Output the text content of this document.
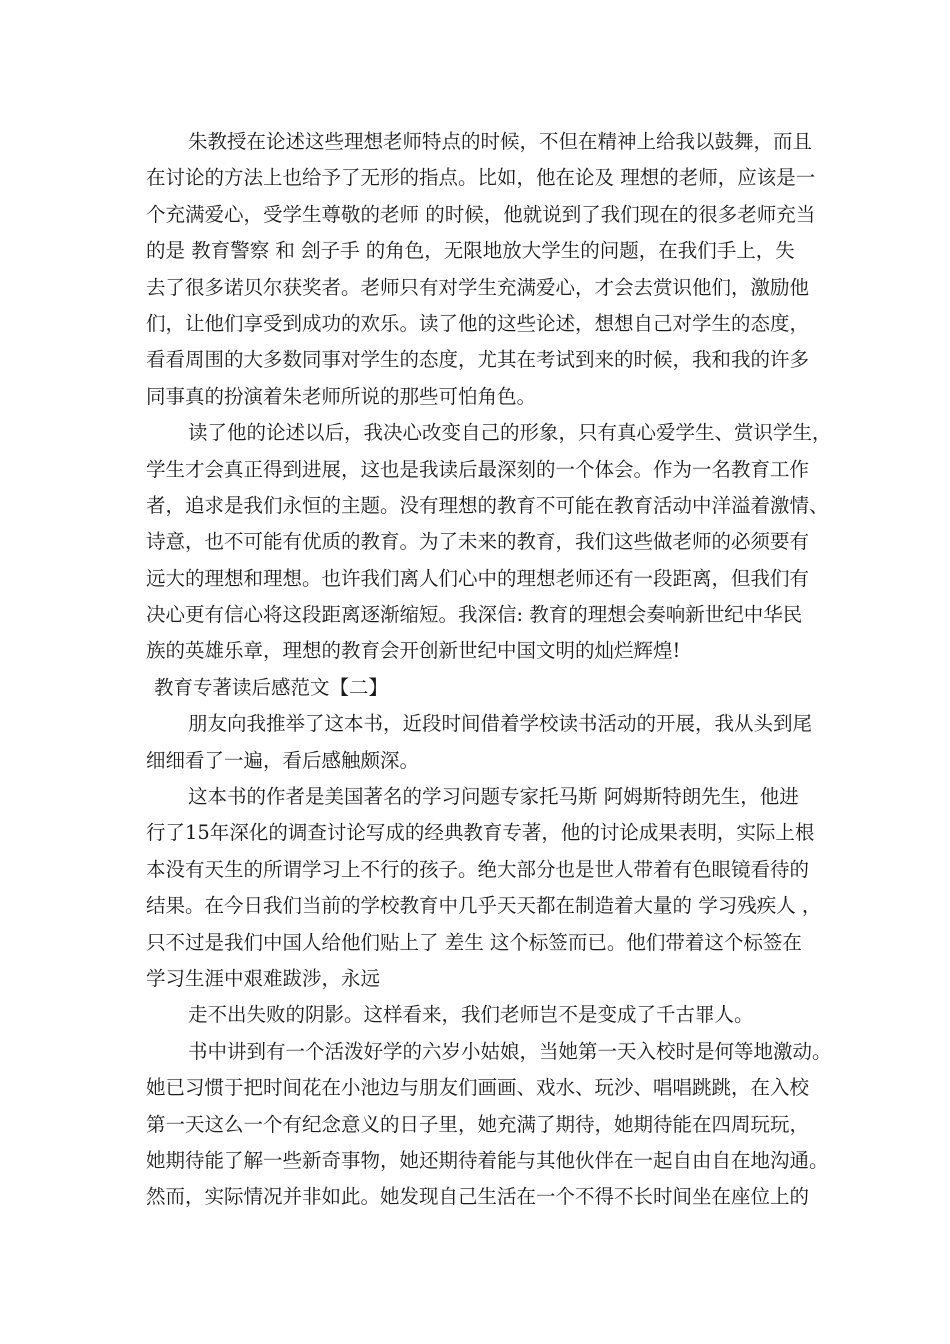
朱教授在论述这些理想老师特点的时候，不但在精神上给我以鼓舞，而且
在讨论的方法上也给予了无形的指点。比如，他在论及 理想的老师，应该是一
个充满爱心，受学生尊敬的老师 的时候，他就说到了我们现在的很多老师充当
的是 教育警察 和 刽子手 的角色，无限地放大学生的问题，在我们手上，失
去了很多诺贝尔获奖者。老师只有对学生充满爱心，才会去赏识他们，激励他
们，让他们享受到成功的欢乐。读了他的这些论述，想想自己对学生的态度，
看看周围的大多数同事对学生的态度，尤其在考试到来的时候，我和我的许多
同事真的扮演着朱老师所说的那些可怕角色。
读了他的论述以后，我决心改变自己的形象，只有真心爱学生、赏识学生，
学生才会真正得到进展，这也是我读后最深刻的一个体会。作为一名教育工作
者，追求是我们永恒的主题。没有理想的教育不可能在教育活动中洋溢着激情、
诗意，也不可能有优质的教育。为了未来的教育，我们这些做老师的必须要有
远大的理想和理想。也许我们离人们心中的理想老师还有一段距离，但我们有
决心更有信心将这段距离逐渐缩短。我深信: 教育的理想会奏响新世纪中华民
族的英雄乐章，理想的教育会开创新世纪中国文明的灿烂辉煌!
教育专著读后感范文【二】
朋友向我推举了这本书，近段时间借着学校读书活动的开展，我从头到尾
细细看了一遍，看后感触颇深。
这本书的作者是美国著名的学习问题专家托马斯 阿姆斯特朗先生，他进
行了15年深化的调查讨论写成的经典教育专著，他的讨论成果表明，实际上根
本没有天生的所谓学习上不行的孩子。绝大部分也是世人带着有色眼镜看待的
结果。在今日我们当前的学校教育中几乎天天都在制造着大量的 学习残疾人 ，
只不过是我们中国人给他们贴上了 差生 这个标签而已。他们带着这个标签在
学习生涯中艰难跋涉，永远
走不出失败的阴影。这样看来，我们老师岂不是变成了千古罪人。
书中讲到有一个活泼好学的六岁小姑娘，当她第一天入校时是何等地激动。
她已习惯于把时间花在小池边与朋友们画画、戏水、玩沙、唱唱跳跳，在入校
第一天这么一个有纪念意义的日子里，她充满了期待，她期待能在四周玩玩，
她期待能了解一些新奇事物，她还期待着能与其他伙伴在一起自由自在地沟通。
然而，实际情况并非如此。她发现自己生活在一个不得不长时间坐在座位上的
